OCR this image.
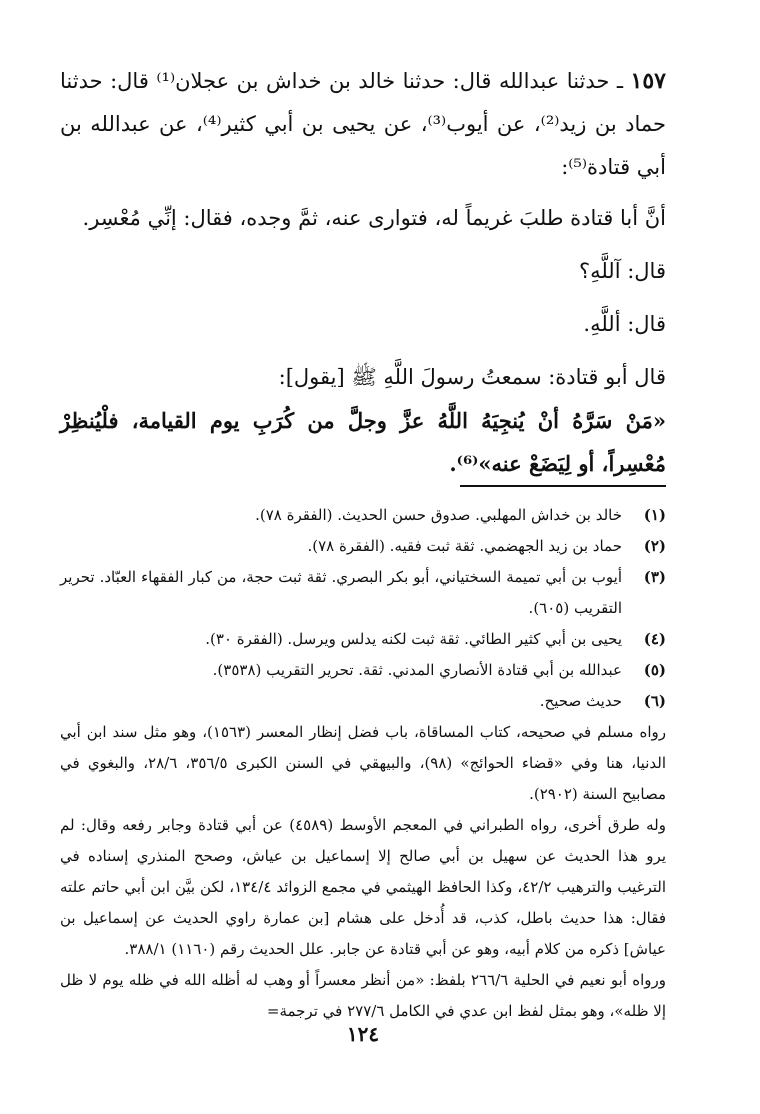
١٥٧ ـ حدثنا عبدالله قال: حدثنا خالد بن خداش بن عجلان⁽¹⁾ قال: حدثنا حماد بن زيد⁽²⁾، عن أيوب⁽³⁾، عن يحيى بن أبي كثير⁽⁴⁾، عن عبدالله بن أبي قتادة⁽⁵⁾:

أنَّ أبا قتادة طلبَ غريماً له، فتوارى عنه، ثمَّ وجده، فقال: إنِّي مُعْسِر.

قال: آللَّهِ؟

قال: أللَّهِ.

قال أبو قتادة: سمعتُ رسولَ اللَّهِ ﷺ [يقول]:

«مَنْ سَرَّهُ أنْ يُنجِيَهُ اللَّهُ عزَّ وجلَّ من كُرَبِ يوم القيامة، فلْيُنظِرْ مُعْسِراً، أو لِيَضَعْ عنه»⁽⁶⁾.

(١)
خالد بن خداش المهلبي. صدوق حسن الحديث. (الفقرة ٧٨).
(٢)
حماد بن زيد الجهضمي. ثقة ثبت فقيه. (الفقرة ٧٨).
(٣)
أيوب بن أبي تميمة السختياني، أبو بكر البصري. ثقة ثبت حجة، من كبار الفقهاء العبّاد. تحرير التقريب (٦٠٥).
(٤)
يحيى بن أبي كثير الطائي. ثقة ثبت لكنه يدلس ويرسل. (الفقرة ٣٠).
(٥)
عبدالله بن أبي قتادة الأنصاري المدني. ثقة. تحرير التقريب (٣٥٣٨).
(٦)
حديث صحيح.

رواه مسلم في صحيحه، كتاب المساقاة، باب فضل إنظار المعسر (١٥٦٣)، وهو مثل سند ابن أبي الدنيا، هنا وفي «قضاء الحوائج» (٩٨)، والبيهقي في السنن الكبرى ٣٥٦/٥، ٢٨/٦، والبغوي في مصابيح السنة (٢٩٠٢).

وله طرق أخرى، رواه الطبراني في المعجم الأوسط (٤٥٨٩) عن أبي قتادة وجابر رفعه وقال: لم يرو هذا الحديث عن سهيل بن أبي صالح إلا إسماعيل بن عياش، وصحح المنذري إسناده في الترغيب والترهيب ٤٢/٢، وكذا الحافظ الهيثمي في مجمع الزوائد ١٣٤/٤، لكن بيَّن ابن أبي حاتم علته فقال: هذا حديث باطل، كذب، قد أُدخل على هشام [بن عمارة راوي الحديث عن إسماعيل بن عياش] ذكره من كلام أبيه، وهو عن أبي قتادة عن جابر. علل الحديث رقم (١١٦٠) ٣٨٨/١.

ورواه أبو نعيم في الحلية ٢٦٦/٦ بلفظ: «من أنظر معسراً أو وهب له أظله الله في ظله يوم لا ظل إلا ظله»، وهو بمثل لفظ ابن عدي في الكامل ٢٧٧/٦ في ترجمة=

١٢٤
